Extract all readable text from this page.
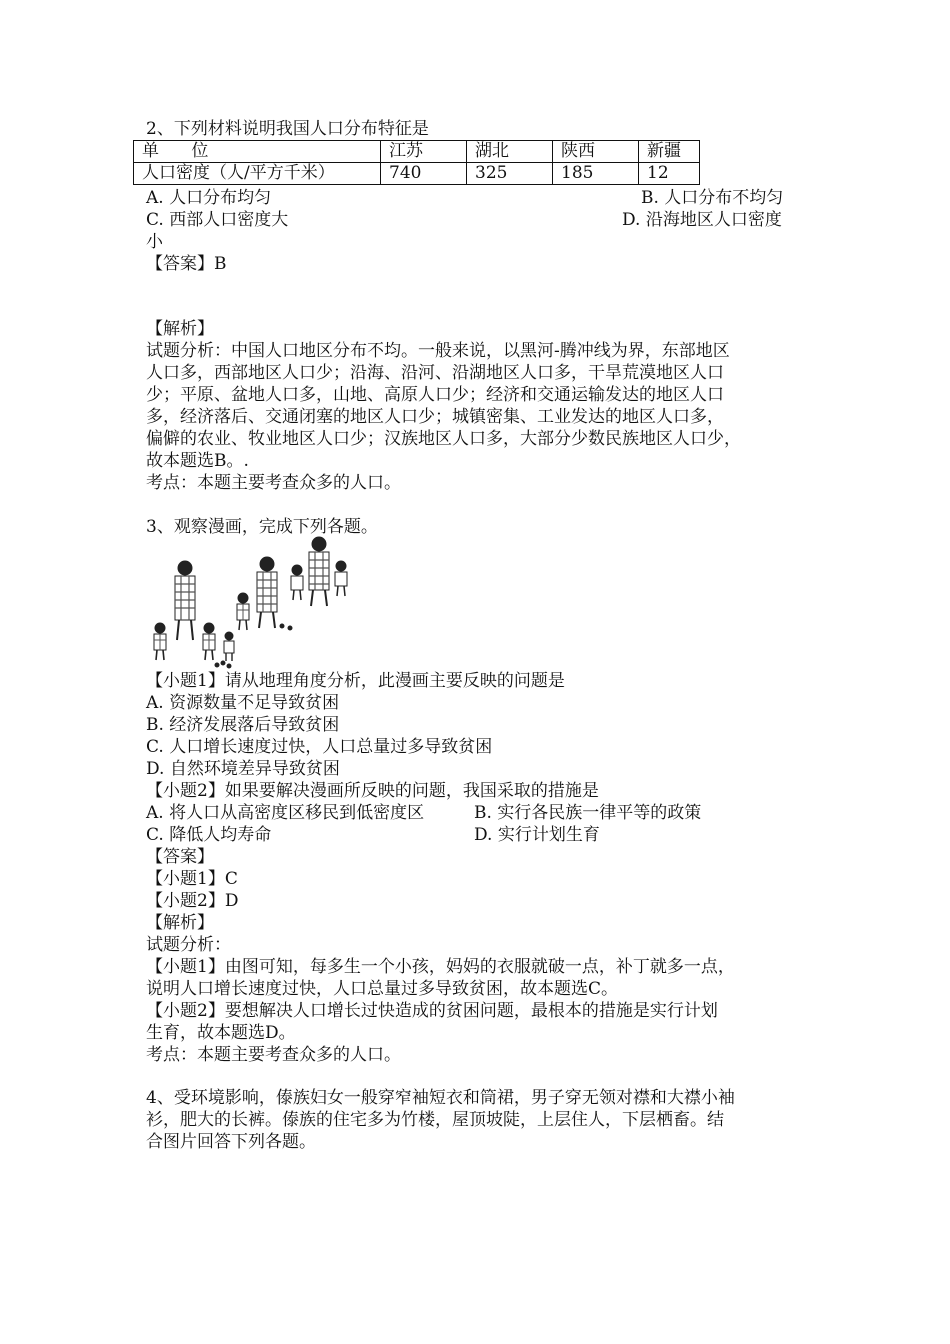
2、下列材料说明我国人口分布特征是
单      位	江苏	湖北	陕西	新疆
人口密度（人/平方千米）	740	325	185	12
A. 人口分布均匀	B. 人口分布不均匀
C. 西部人口密度大	D. 沿海地区人口密度
小
【答案】B
【解析】
试题分析：中国人口地区分布不均。一般来说，以黑河-腾冲线为界，东部地区
人口多，西部地区人口少；沿海、沿河、沿湖地区人口多，干旱荒漠地区人口
少；平原、盆地人口多，山地、高原人口少；经济和交通运输发达的地区人口
多，经济落后、交通闭塞的地区人口少；城镇密集、工业发达的地区人口多，
偏僻的农业、牧业地区人口少；汉族地区人口多，大部分少数民族地区人口少，
故本题选B。.
考点：本题主要考查众多的人口。
3、观察漫画，完成下列各题。
【小题1】请从地理角度分析，此漫画主要反映的问题是
A. 资源数量不足导致贫困
B. 经济发展落后导致贫困
C. 人口增长速度过快，人口总量过多导致贫困
D. 自然环境差异导致贫困
【小题2】如果要解决漫画所反映的问题，我国采取的措施是
A. 将人口从高密度区移民到低密度区	B. 实行各民族一律平等的政策
C. 降低人均寿命	D. 实行计划生育
【答案】
【小题1】C
【小题2】D
【解析】
试题分析：
【小题1】由图可知，每多生一个小孩，妈妈的衣服就破一点，补丁就多一点，
说明人口增长速度过快，人口总量过多导致贫困，故本题选C。
【小题2】要想解决人口增长过快造成的贫困问题，最根本的措施是实行计划
生育，故本题选D。
考点：本题主要考查众多的人口。
4、受环境影响，傣族妇女一般穿窄袖短衣和筒裙，男子穿无领对襟和大襟小袖
衫，肥大的长裤。傣族的住宅多为竹楼，屋顶坡陡，上层住人，下层栖畜。结
合图片回答下列各题。
